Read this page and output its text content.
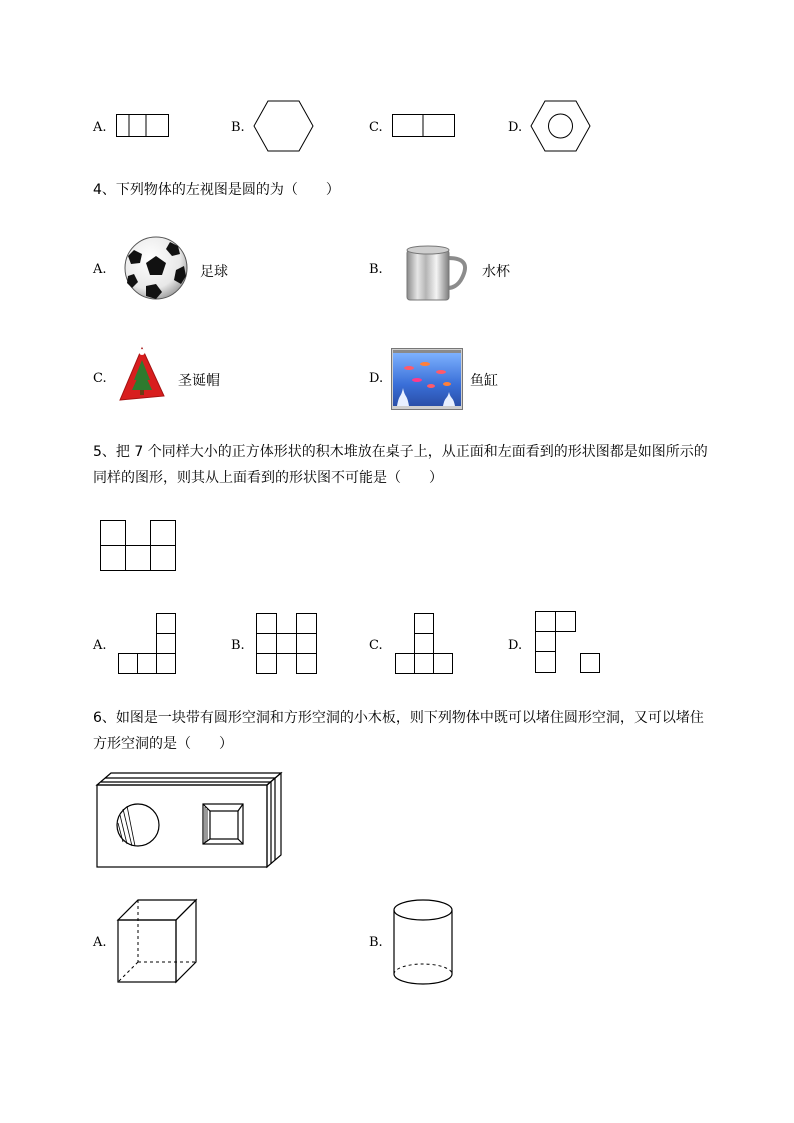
A.	B.	C.	D.
4、下列物体的左视图是圆的为（　　）
A.	足球	B.	水杯
C.	圣诞帽	D.	鱼缸
5、把 7 个同样大小的正方体形状的积木堆放在桌子上，从正面和左面看到的形状图都是如图所示的
同样的图形，则其从上面看到的形状图不可能是（　　）
A.	B.	C.	D.
6、如图是一块带有圆形空洞和方形空洞的小木板，则下列物体中既可以堵住圆形空洞，又可以堵住
方形空洞的是（　　）
A.	B.
